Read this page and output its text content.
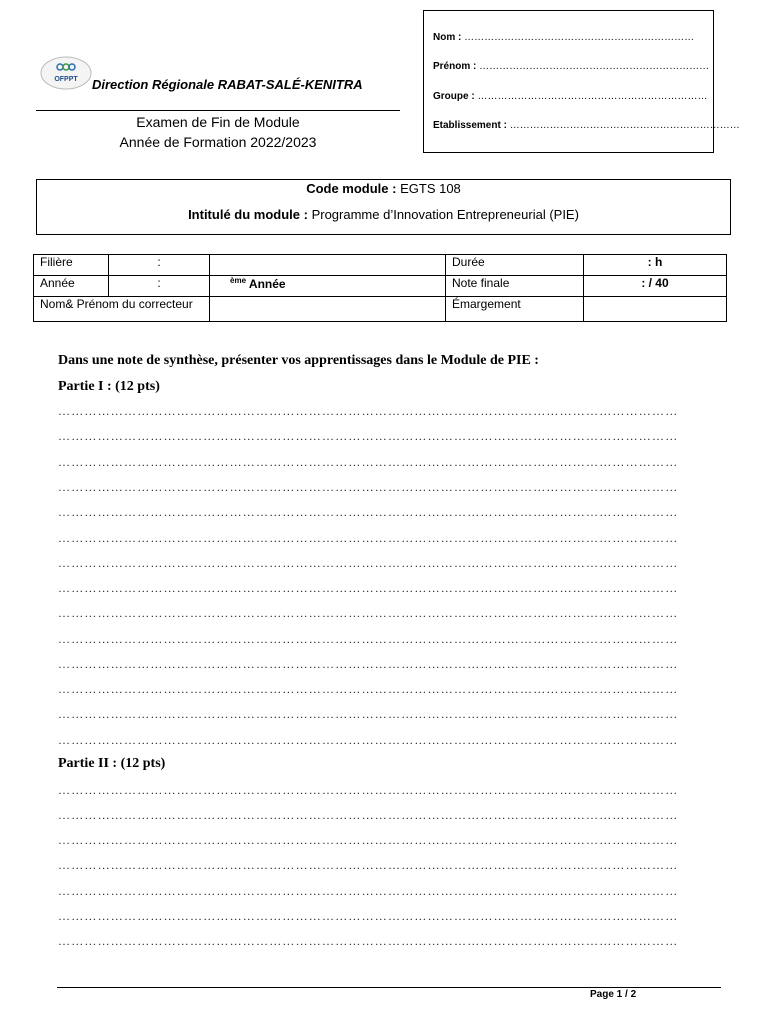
OFPPT Direction Régionale RABAT-SALÉ-KENITRA
Examen de Fin de Module
Année de Formation 2022/2023
Nom : ……………………………………………………………
Prénom : ……………………………………………………………
Groupe : ……………………………………………………………
Etablissement : ……………………………………………………………
Code module : EGTS 108
Intitulé du module : Programme d’Innovation Entrepreneurial (PIE)
Filière	:		Durée	: h
Année	:	$^{ème}$ Année	Note finale	: / 40
Nom& Prénom du correcteur			Émargement	
Dans une note de synthèse, présenter vos apprentissages dans le Module de PIE :
Partie I : (12 pts)
……………………………………………………………………………………………………………………………
……………………………………………………………………………………………………………………………
……………………………………………………………………………………………………………………………
……………………………………………………………………………………………………………………………
……………………………………………………………………………………………………………………………
……………………………………………………………………………………………………………………………
……………………………………………………………………………………………………………………………
……………………………………………………………………………………………………………………………
……………………………………………………………………………………………………………………………
……………………………………………………………………………………………………………………………
……………………………………………………………………………………………………………………………
……………………………………………………………………………………………………………………………
……………………………………………………………………………………………………………………………
……………………………………………………………………………………………………………………………
Partie II : (12 pts)
……………………………………………………………………………………………………………………………
……………………………………………………………………………………………………………………………
……………………………………………………………………………………………………………………………
……………………………………………………………………………………………………………………………
……………………………………………………………………………………………………………………………
……………………………………………………………………………………………………………………………
……………………………………………………………………………………………………………………………
Page 1 / 2
